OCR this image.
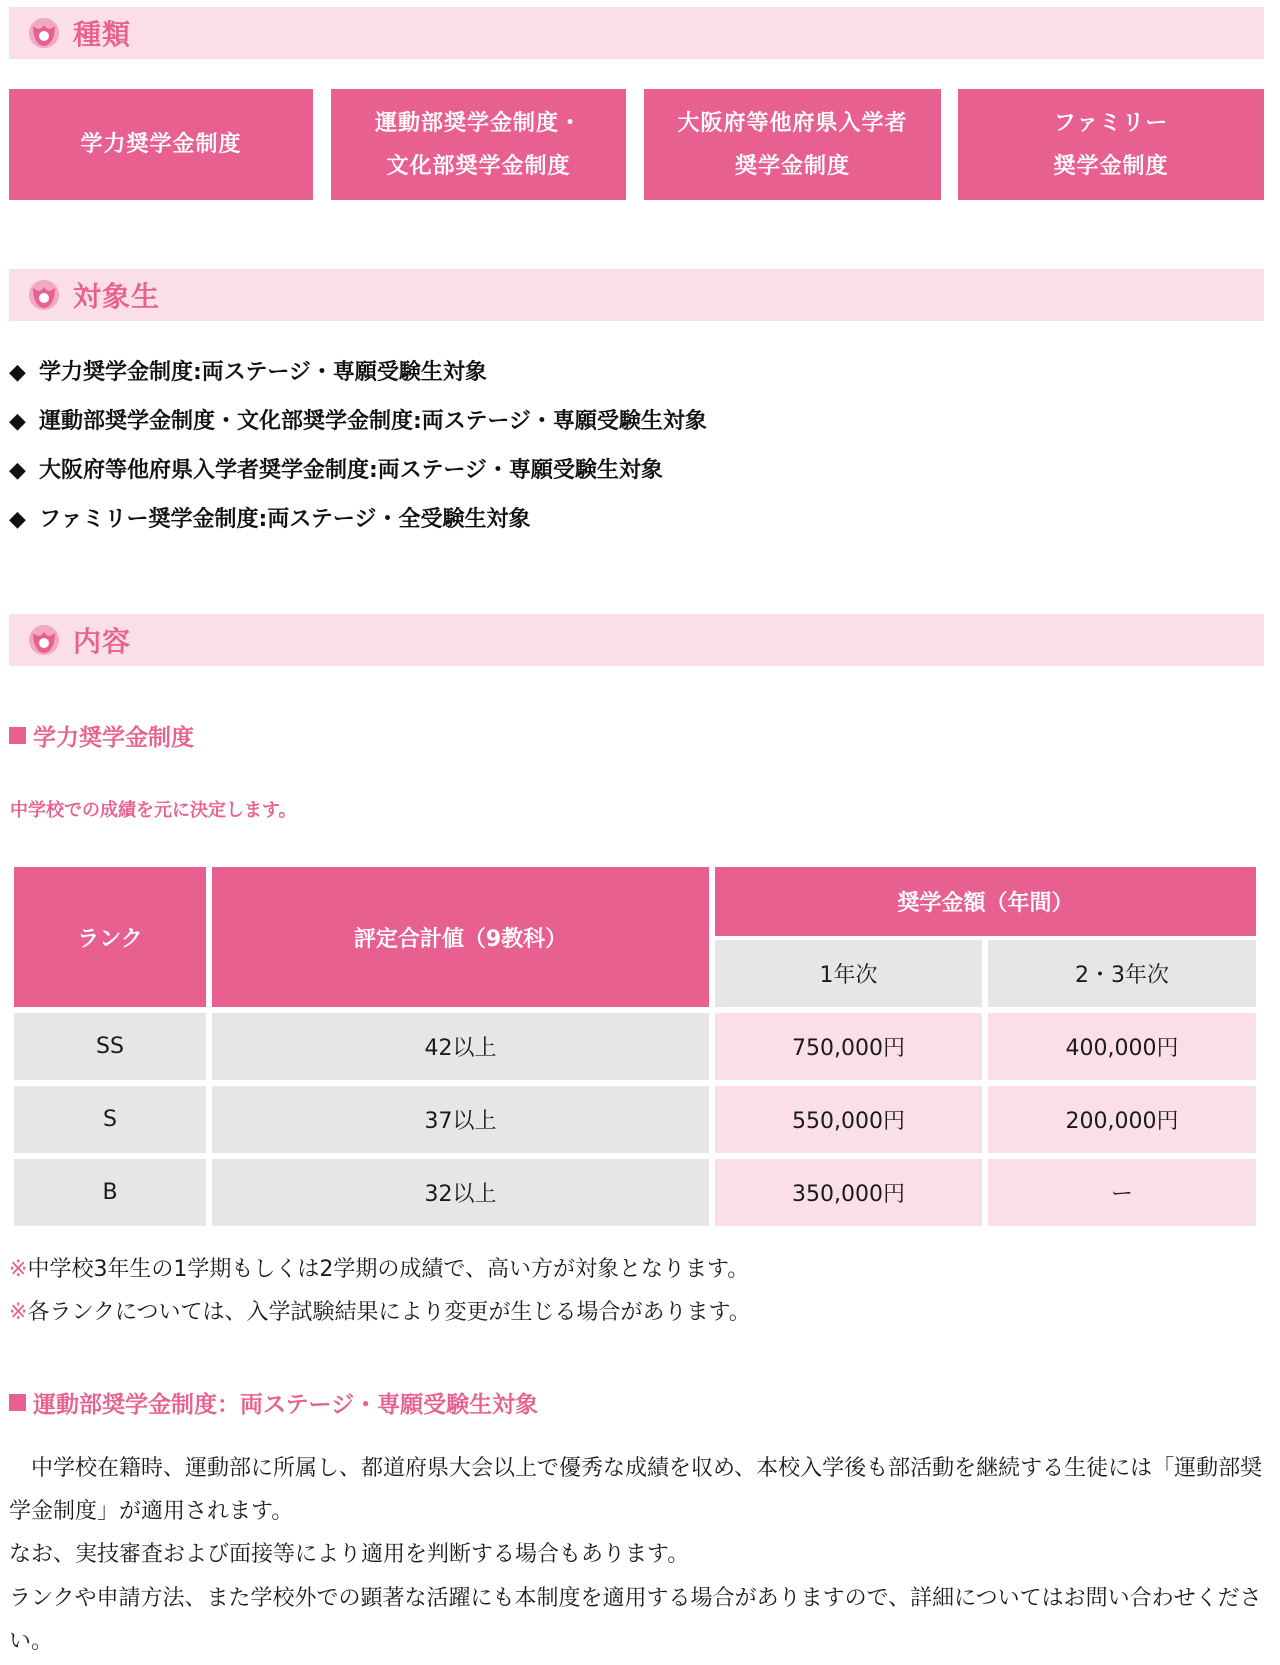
種類
学力奨学金制度
運動部奨学金制度・
文化部奨学金制度
大阪府等他府県入学者
奨学金制度
ファミリー
奨学金制度
対象生
◆ 学力奨学金制度:両ステージ・専願受験生対象
◆ 運動部奨学金制度・文化部奨学金制度:両ステージ・専願受験生対象
◆ 大阪府等他府県入学者奨学金制度:両ステージ・専願受験生対象
◆ ファミリー奨学金制度:両ステージ・全受験生対象
内容
学力奨学金制度
中学校での成績を元に決定します。
ランク	評定合計値（9教科）
奨学金額（年間）
1年次	2・3年次
SS	42以上	750,000円	400,000円
S	37以上	550,000円	200,000円
B	32以上	350,000円	ー
※中学校3年生の1学期もしくは2学期の成績で、高い方が対象となります。
※各ランクについては、入学試験結果により変更が生じる場合があります。
運動部奨学金制度：両ステージ・専願受験生対象

　中学校在籍時、運動部に所属し、都道府県大会以上で優秀な成績を収め、本校入学後も部活動を継続する生徒には「運動部奨学金制度」が適用されます。

なお、実技審査および面接等により適用を判断する場合もあります。

ランクや申請方法、また学校外での顕著な活躍にも本制度を適用する場合がありますので、詳細についてはお問い合わせください。
